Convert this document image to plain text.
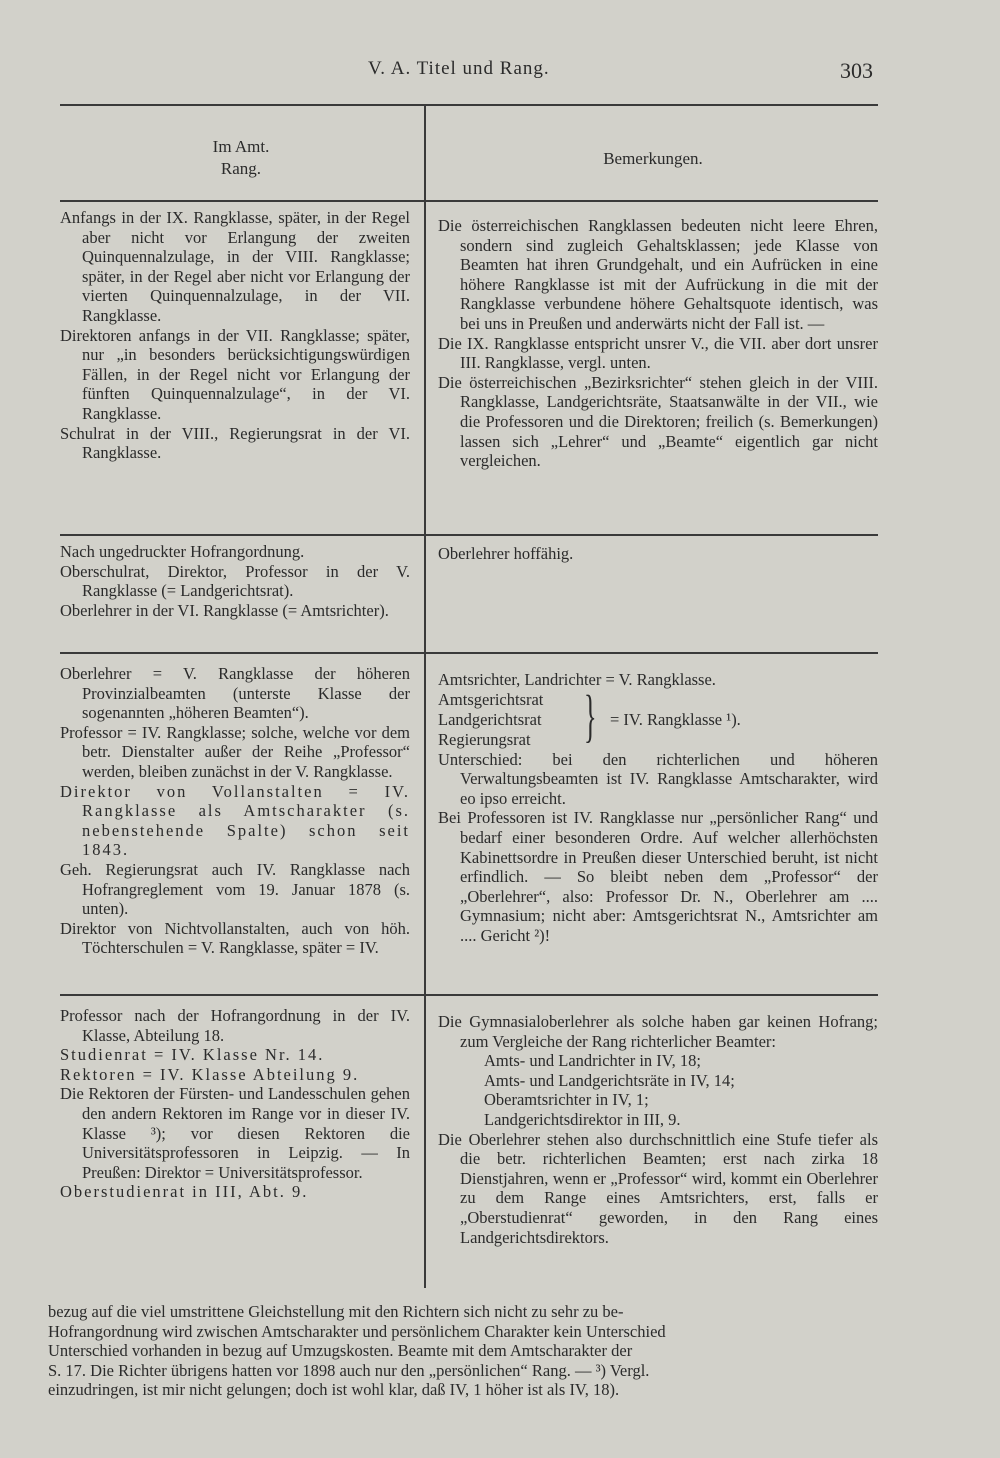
V. A. Titel und Rang.	303
Im Amt.
Rang.
Bemerkungen.

Anfangs in der IX. Rangklasse, später, in der Regel aber nicht vor Erlangung der zweiten Quinquennalzulage, in der VIII. Rangklasse; später, in der Regel aber nicht vor Erlangung der vierten Quinquennalzulage, in der VII. Rangklasse.

Direktoren anfangs in der VII. Rangklasse; später, nur „in besonders berücksichtigungswürdigen Fällen, in der Regel nicht vor Erlangung der fünften Quinquennalzulage“, in der VI. Rangklasse.

Schulrat in der VIII., Regierungsrat in der VI. Rangklasse.

Die österreichischen Rangklassen bedeuten nicht leere Ehren, sondern sind zugleich Gehaltsklassen; jede Klasse von Beamten hat ihren Grundgehalt, und ein Aufrücken in eine höhere Rangklasse ist mit der Aufrückung in die mit der Rangklasse verbundene höhere Gehaltsquote identisch, was bei uns in Preußen und anderwärts nicht der Fall ist. —

Die IX. Rangklasse entspricht unsrer V., die VII. aber dort unsrer III. Rangklasse, vergl. unten.

Die österreichischen „Bezirksrichter“ stehen gleich in der VIII. Rangklasse, Landgerichtsräte, Staatsanwälte in der VII., wie die Professoren und die Direktoren; freilich (s. Bemerkungen) lassen sich „Lehrer“ und „Beamte“ eigentlich gar nicht vergleichen.

Nach ungedruckter Hofrangordnung.

Oberschulrat, Direktor, Professor in der V. Rangklasse (= Landgerichtsrat).

Oberlehrer in der VI. Rangklasse (= Amtsrichter).

Oberlehrer hoffähig.

Oberlehrer = V. Rangklasse der höheren Provinzialbeamten (unterste Klasse der sogenannten „höheren Beamten“).

Professor = IV. Rangklasse; solche, welche vor dem betr. Dienstalter außer der Reihe „Professor“ werden, bleiben zunächst in der V. Rangklasse.

Direktor von Vollanstalten = IV. Rangklasse als Amtscharakter (s. nebenstehende Spalte) schon seit 1843.

Geh. Regierungsrat auch IV. Rangklasse nach Hofrangreglement vom 19. Januar 1878 (s. unten).

Direktor von Nichtvollanstalten, auch von höh. Töchterschulen = V. Rangklasse, später = IV.

Amtsrichter, Landrichter = V. Rangklasse.

Amtsgerichtsrat
Landgerichtsrat
Regierungsrat } = IV. Rangklasse ¹).

Unterschied: bei den richterlichen und höheren Verwaltungsbeamten ist IV. Rangklasse Amtscharakter, wird eo ipso erreicht.

Bei Professoren ist IV. Rangklasse nur „persönlicher Rang“ und bedarf einer besonderen Ordre. Auf welcher allerhöchsten Kabinettsordre in Preußen dieser Unterschied beruht, ist nicht erfindlich. — So bleibt neben dem „Professor“ der „Oberlehrer“, also: Professor Dr. N., Oberlehrer am .... Gymnasium; nicht aber: Amtsgerichtsrat N., Amtsrichter am .... Gericht ²)!

Professor nach der Hofrangordnung in der IV. Klasse, Abteilung 18.

Studienrat = IV. Klasse Nr. 14.

Rektoren = IV. Klasse Abteilung 9.

Die Rektoren der Fürsten- und Landesschulen gehen den andern Rektoren im Range vor in dieser IV. Klasse ³); vor diesen Rektoren die Universitätsprofessoren in Leipzig. — In Preußen: Direktor = Universitätsprofessor.

Oberstudienrat in III, Abt. 9.

Die Gymnasialoberlehrer als solche haben gar keinen Hofrang; zum Vergleiche der Rang richterlicher Beamter:

Amts- und Landrichter in IV, 18;

Amts- und Landgerichtsräte in IV, 14;

Oberamtsrichter in IV, 1;

Landgerichtsdirektor in III, 9.

Die Oberlehrer stehen also durchschnittlich eine Stufe tiefer als die betr. richterlichen Beamten; erst nach zirka 18 Dienstjahren, wenn er „Professor“ wird, kommt ein Oberlehrer zu dem Range eines Amtsrichters, erst, falls er „Oberstudienrat“ geworden, in den Rang eines Landgerichtsdirektors.

bezug auf die viel umstrittene Gleichstellung mit den Richtern sich nicht zu sehr zu be-

Hofrangordnung wird zwischen Amtscharakter und persönlichem Charakter kein Unterschied

Unterschied vorhanden in bezug auf Umzugskosten. Beamte mit dem Amtscharakter der

S. 17. Die Richter übrigens hatten vor 1898 auch nur den „persönlichen“ Rang. — ³) Vergl.

einzudringen, ist mir nicht gelungen; doch ist wohl klar, daß IV, 1 höher ist als IV, 18).
